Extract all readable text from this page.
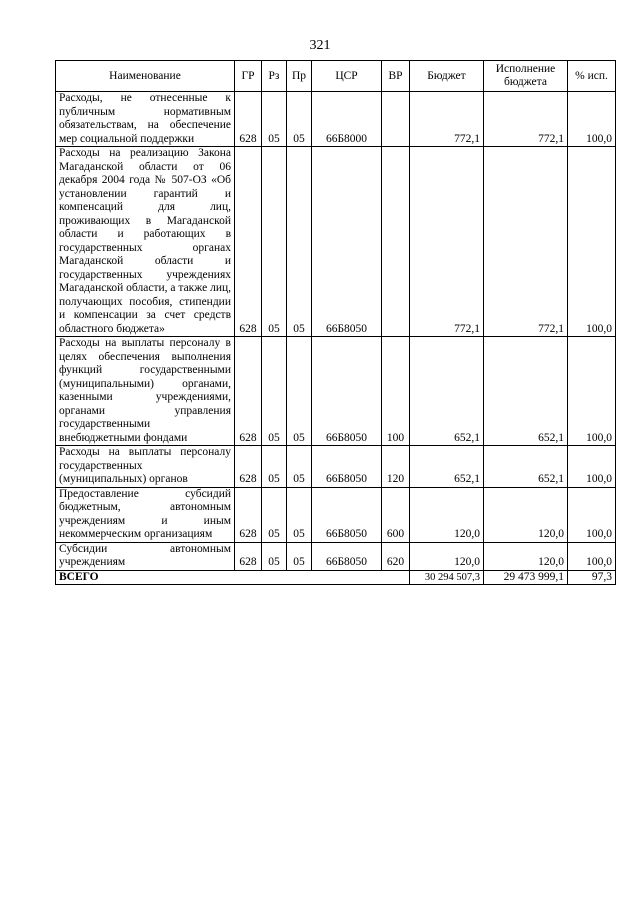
321
Наименование	ГР	Рз	Пр	ЦСР	ВР	Бюджет	Исполнение бюджета	% исп.
Расходы, не отнесенные к публичным нормативным обязательствам, на обеспечение мер социальной поддержки	628	05	05	66Б8000		772,1	772,1	100,0
Расходы на реализацию Закона Магаданской области от 06 декабря 2004 года № 507-ОЗ «Об установлении гарантий и компенсаций для лиц, проживающих в Магаданской области и работающих в государственных органах Магаданской области и государственных учреждениях Магаданской области, а также лиц, получающих пособия, стипендии и компенсации за счет средств областного бюджета»	628	05	05	66Б8050		772,1	772,1	100,0
Расходы на выплаты персоналу в целях обеспечения выполнения функций государственными (муниципальными) органами, казенными учреждениями, органами управления государственными внебюджетными фондами	628	05	05	66Б8050	100	652,1	652,1	100,0
Расходы на выплаты персоналу государственных (муниципальных) органов	628	05	05	66Б8050	120	652,1	652,1	100,0
Предоставление субсидий бюджетным, автономным учреждениям и иным некоммерческим организациям	628	05	05	66Б8050	600	120,0	120,0	100,0
Субсидии автономным учреждениям	628	05	05	66Б8050	620	120,0	120,0	100,0
ВСЕГО						30 294 507,3	29 473 999,1	97,3
